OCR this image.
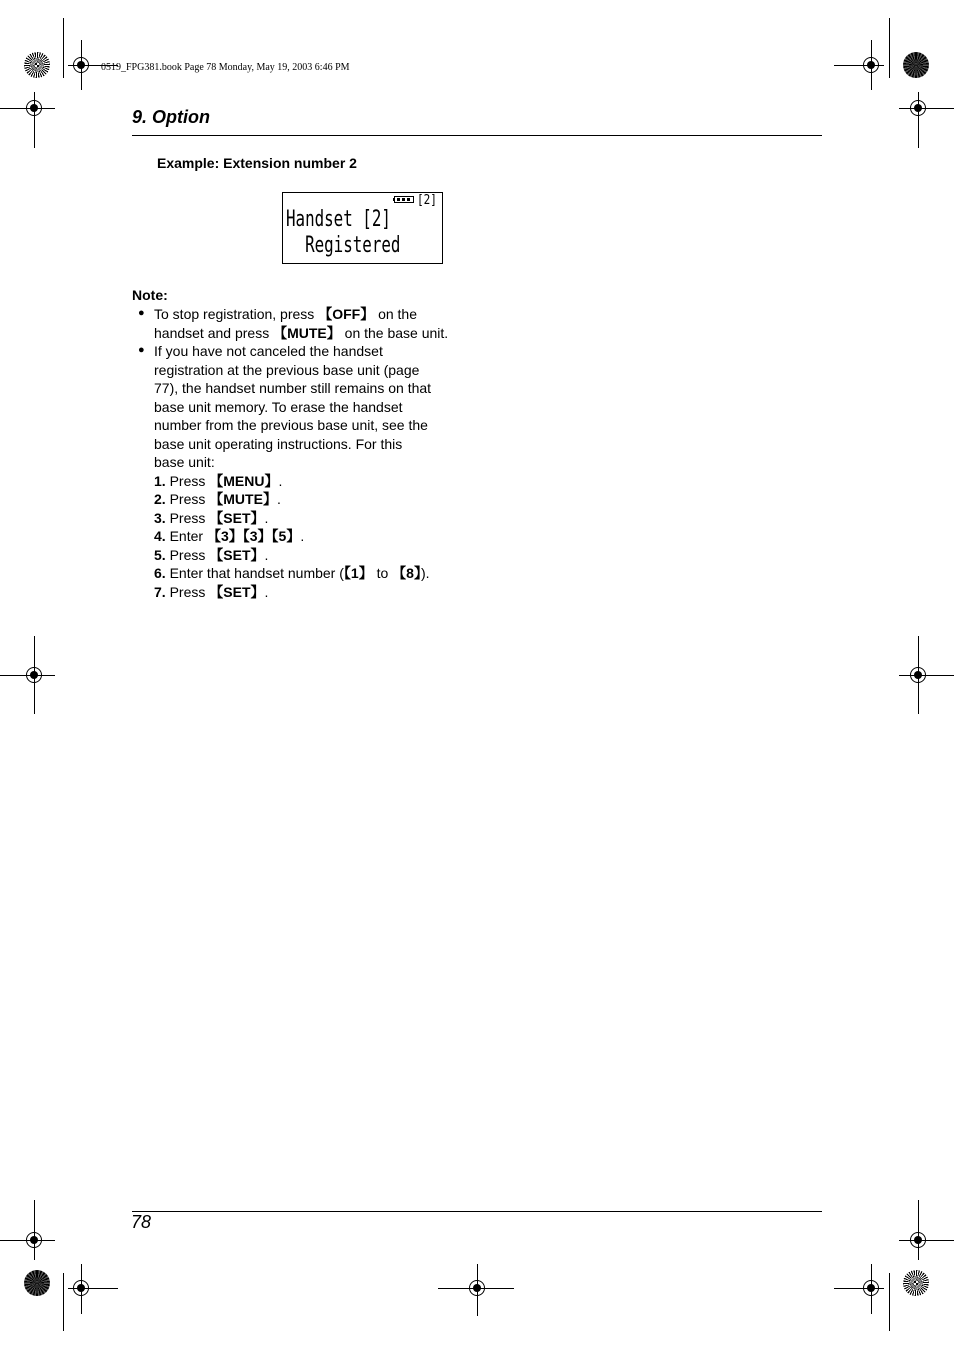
0519_FPG381.book Page 78 Monday, May 19, 2003 6:46 PM
9. Option
Example: Extension number 2
[2]
Handset [2]
Registered
Note:
● To stop registration, press 【 OFF 】 on the
handset and press 【 MUTE 】 on the base unit.
● If you have not canceled the handset
registration at the previous base unit (page
77), the handset number still remains on that
base unit memory. To erase the handset
number from the previous base unit, see the
base unit operating instructions. For this
base unit:
1. Press 【 MENU 】 .
2. Press 【 MUTE 】 .
3. Press 【 SET 】 .
4. Enter 【 3 】 【 3 】 【 5 】 .
5. Press 【 SET 】 .
6. Enter that handset number ( 【 1 】 to 【 8 】 ).
7. Press 【 SET 】 .
78
